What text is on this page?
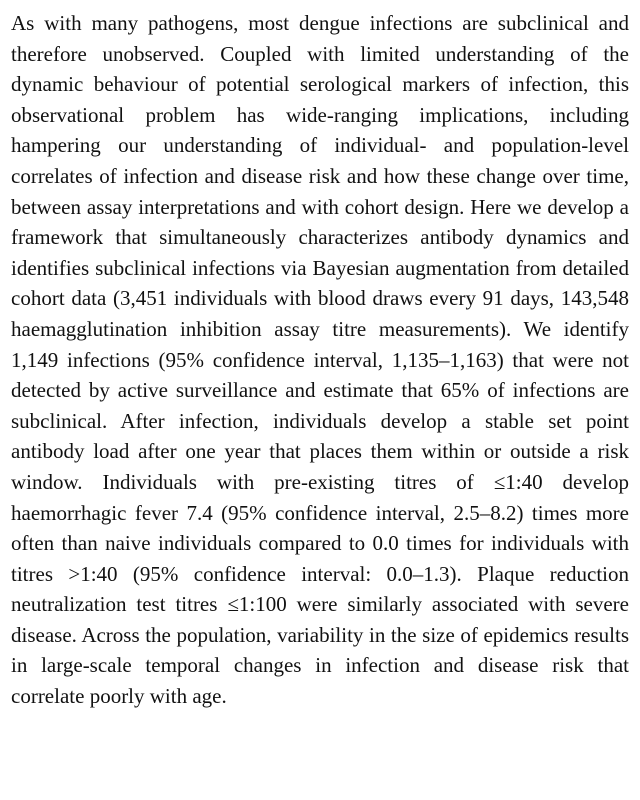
As with many pathogens, most dengue infections are subclinical and
therefore unobserved. Coupled with limited understanding of the
dynamic behaviour of potential serological markers of infection, this
observational problem has wide-ranging implications, including
hampering our understanding of individual- and population-level
correlates of infection and disease risk and how these change over time,
between assay interpretations and with cohort design. Here we develop a
framework that simultaneously characterizes antibody dynamics and
identifies subclinical infections via Bayesian augmentation from detailed
cohort data (3,451 individuals with blood draws every 91 days, 143,548
haemagglutination inhibition assay titre measurements). We identify
1,149 infections (95% confidence interval, 1,135–1,163) that were not
detected by active surveillance and estimate that 65% of infections are
subclinical. After infection, individuals develop a stable set point
antibody load after one year that places them within or outside a risk
window. Individuals with pre-existing titres of ≤1:40 develop
haemorrhagic fever 7.4 (95% confidence interval, 2.5–8.2) times more
often than naive individuals compared to 0.0 times for individuals with
titres >1:40 (95% confidence interval: 0.0–1.3). Plaque reduction
neutralization test titres ≤1:100 were similarly associated with severe
disease. Across the population, variability in the size of epidemics results
in large-scale temporal changes in infection and disease risk that
correlate poorly with age.
